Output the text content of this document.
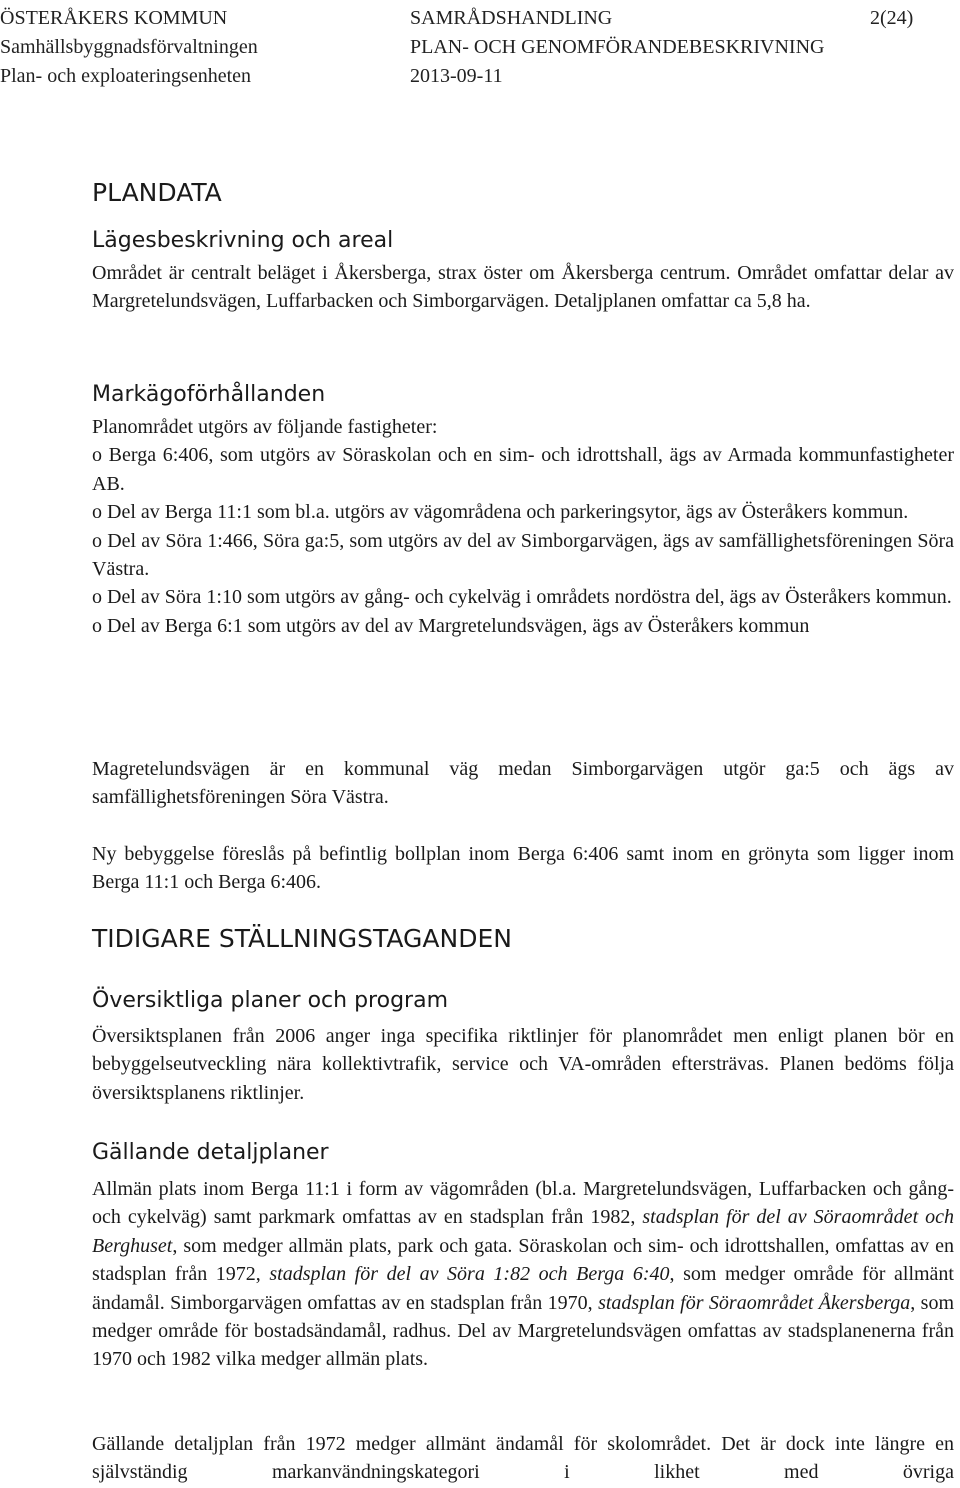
ÖSTERÅKERS KOMMUN
Samhällsbyggnadsförvaltningen
Plan- och exploateringsenheten
SAMRÅDSHANDLING
PLAN- OCH GENOMFÖRANDEBESKRIVNING
2013-09-11
2(24)
PLANDATA
Lägesbeskrivning och areal

Området är centralt beläget i Åkersberga, strax öster om Åkersberga centrum. Området omfattar delar av Margretelundsvägen, Luffarbacken och Simborgarvägen. Detaljplanen omfattar ca 5,8 ha.

Markägoförhållanden

Planområdet utgörs av följande fastigheter:

o Berga 6:406, som utgörs av Söraskolan och en sim- och idrottshall, ägs av Armada kommunfastigheter AB.

o Del av Berga 11:1 som bl.a. utgörs av vägområdena och parkeringsytor, ägs av Österåkers kommun.

o Del av Söra 1:466, Söra ga:5, som utgörs av del av Simborgarvägen, ägs av samfällighetsföreningen Söra Västra.

o Del av Söra 1:10 som utgörs av gång- och cykelväg i områdets nordöstra del, ägs av Österåkers kommun.

o Del av Berga 6:1 som utgörs av del av Margretelundsvägen, ägs av Österåkers kommun

Magretelundsvägen är en kommunal väg medan Simborgarvägen utgör ga:5 och ägs av samfällighetsföreningen Söra Västra.

Ny bebyggelse föreslås på befintlig bollplan inom Berga 6:406 samt inom en grönyta som ligger inom Berga 11:1 och Berga 6:406.

TIDIGARE STÄLLNINGSTAGANDEN
Översiktliga planer och program

Översiktsplanen från 2006 anger inga specifika riktlinjer för planområdet men enligt planen bör en bebyggelseutveckling nära kollektivtrafik, service och VA-områden eftersträvas. Planen bedöms följa översiktsplanens riktlinjer.

Gällande detaljplaner

Allmän plats inom Berga 11:1 i form av vägområden (bl.a. Margretelundsvägen, Luffarbacken och gång- och cykelväg) samt parkmark omfattas av en stadsplan från 1982, stadsplan för del av Söraområdet och Berghuset, som medger allmän plats, park och gata. Söraskolan och sim- och idrottshallen, omfattas av en stadsplan från 1972, stadsplan för del av Söra 1:82 och Berga 6:40, som medger område för allmänt ändamål. Simborgarvägen omfattas av en stadsplan från 1970, stadsplan för Söraområdet Åkersberga, som medger område för bostadsändamål, radhus. Del av Margretelundsvägen omfattas av stadsplanenerna från 1970 och 1982 vilka medger allmän plats.

Gällande detaljplan från 1972 medger allmänt ändamål för skolområdet. Det är dock inte längre en självständig markanvändningskategori i likhet med övriga
